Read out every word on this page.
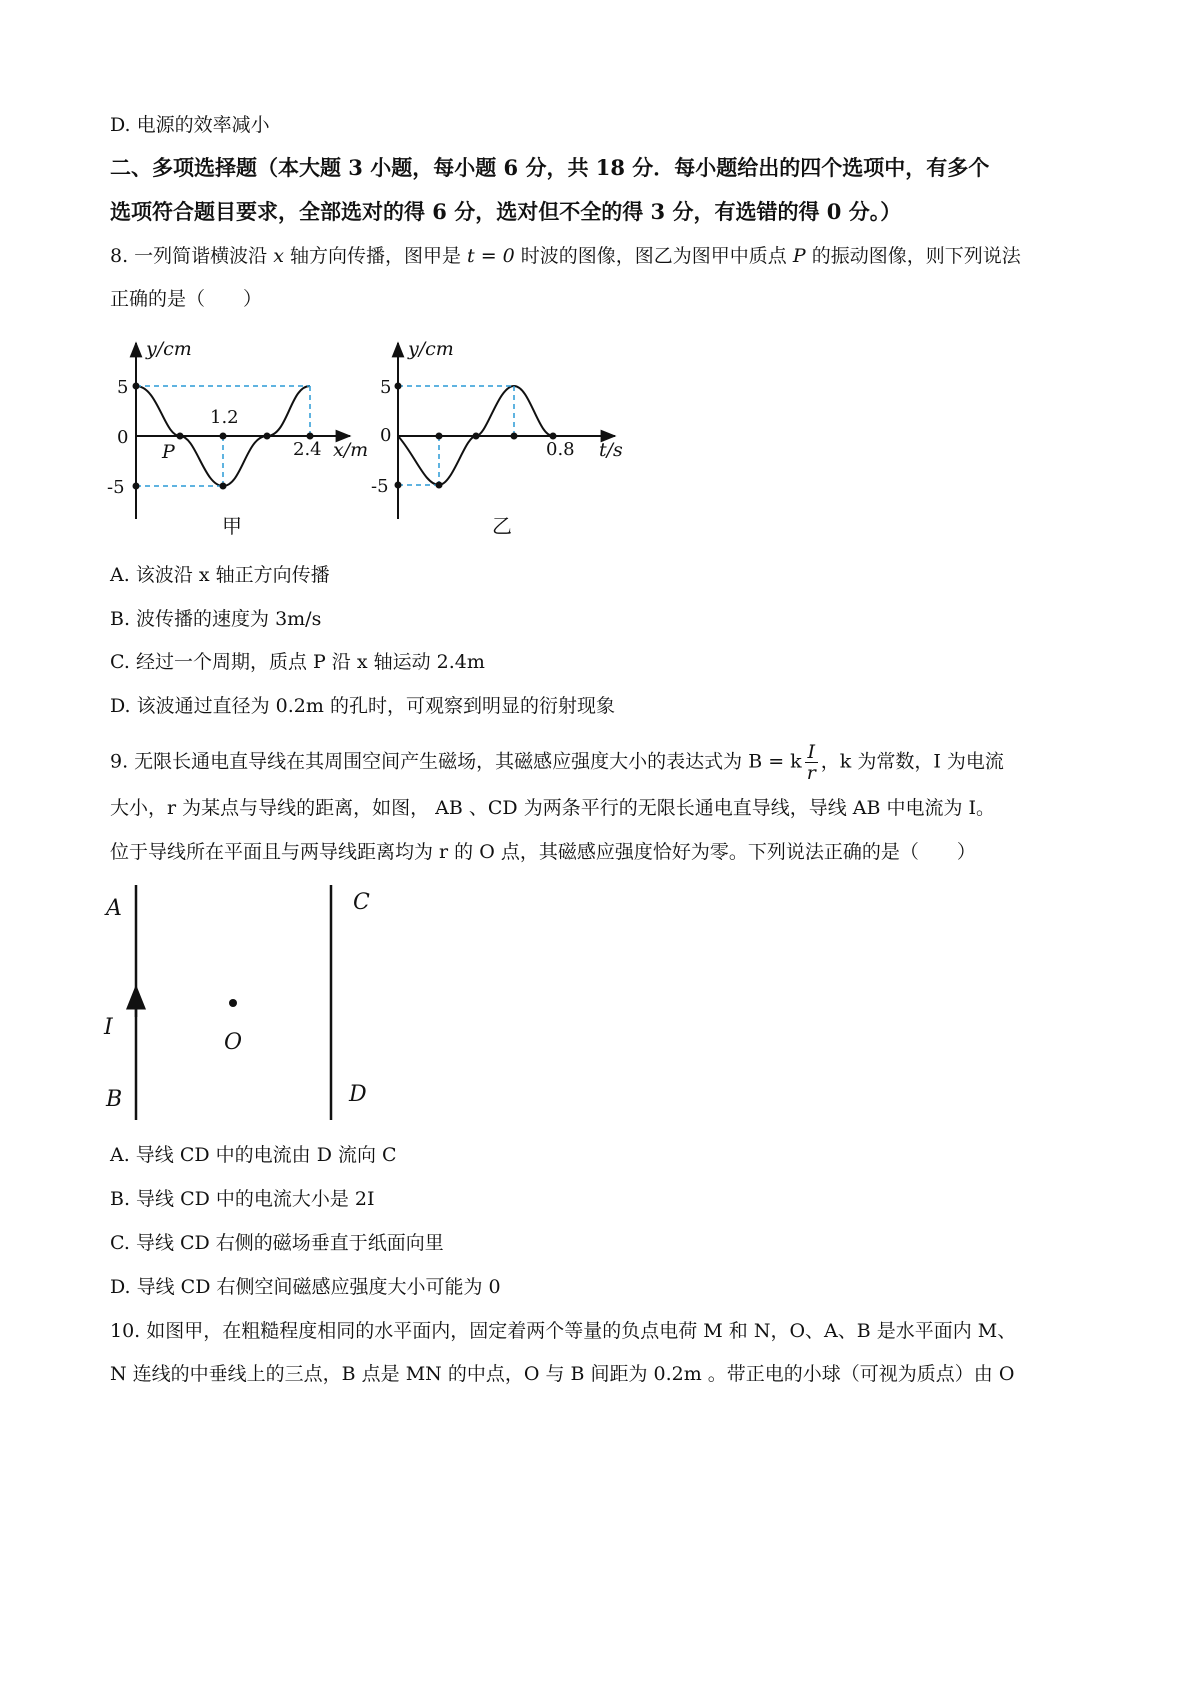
D. 电源的效率减小
二、多项选择题（本大题 3 小题，每小题 6 分，共 18 分．每小题给出的四个选项中，有多个
选项符合题目要求，全部选对的得 6 分，选对但不全的得 3 分，有选错的得 0 分。）
8. 一列简谐横波沿 x 轴方向传播，图甲是 t = 0 时波的图像，图乙为图甲中质点 P 的振动图像，则下列说法
正确的是（　　）
y/cm
5
0
-5
P
1.2
2.4 x/m
甲
y/cm
5
0
-5
0.8 t/s
乙
A. 该波沿 x 轴正方向传播
B. 波传播的速度为 3m/s
C. 经过一个周期，质点 P 沿 x 轴运动 2.4m
D. 该波通过直径为 0.2m 的孔时，可观察到明显的衍射现象
9. 无限长通电直导线在其周围空间产生磁场，其磁感应强度大小的表达式为 B = k $\frac{I}{r}$ ，k 为常数，I 为电流
大小，r 为某点与导线的距离，如图， AB 、CD 为两条平行的无限长通电直导线，导线 AB 中电流为 I。
位于导线所在平面且与两导线距离均为 r 的 O 点，其磁感应强度恰好为零。下列说法正确的是（　　）
A
I
B
C
O
D
A. 导线 CD 中的电流由 D 流向 C
B. 导线 CD 中的电流大小是 2I
C. 导线 CD 右侧的磁场垂直于纸面向里
D. 导线 CD 右侧空间磁感应强度大小可能为 0
10. 如图甲，在粗糙程度相同的水平面内，固定着两个等量的负点电荷 M 和 N，O、A、B 是水平面内 M、
N 连线的中垂线上的三点，B 点是 MN 的中点，O 与 B 间距为 0.2m 。带正电的小球（可视为质点）由 O
